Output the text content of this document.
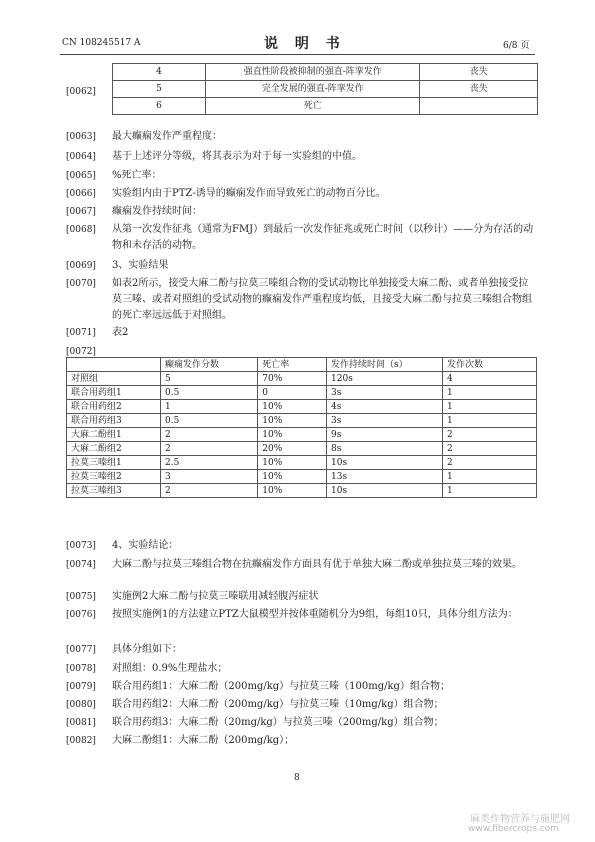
CN 108245517 A	说 明 书	6/8 页
[0062]
4	强直性阶段被抑制的强直-阵挛发作	丧失
5	完全发展的强直-阵挛发作	丧失
6	死亡	
[0063] 最大癫痫发作严重程度：
[0064] 基于上述评分等级，将其表示为对于每一实验组的中值。
[0065] %死亡率：
[0066] 实验组内由于PTZ-诱导的癫痫发作而导致死亡的动物百分比。
[0067] 癫痫发作持续时间：
[0068] 从第一次发作征兆（通常为FMJ）到最后一次发作征兆或死亡时间（以秒计）——分为存活的动物和未存活的动物。
[0069] 3、实验结果
[0070] 如表2所示，接受大麻二酚与拉莫三嗪组合物的受试动物比单独接受大麻二酚、或者单独接受拉莫三嗪、或者对照组的受试动物的癫痫发作严重程度均低，且接受大麻二酚与拉莫三嗪组合物组的死亡率远远低于对照组。
[0071] 表2
[0072]
	癫痫发作分数	死亡率	发作持续时间（s）	发作次数
对照组	5	70%	120s	4
联合用药组1	0.5	0	3s	1
联合用药组2	1	10%	4s	1
联合用药组3	0.5	10%	3s	1
大麻二酚组1	2	10%	9s	2
大麻二酚组2	2	20%	8s	2
拉莫三嗪组1	2.5	10%	10s	2
拉莫三嗪组2	3	10%	13s	1
拉莫三嗪组3	2	10%	10s	1
[0073] 4、实验结论：
[0074] 大麻二酚与拉莫三嗪组合物在抗癫痫发作方面具有优于单独大麻二酚或单独拉莫三嗪的效果。
[0075] 实施例2大麻二酚与拉莫三嗪联用减轻腹泻症状
[0076] 按照实施例1的方法建立PTZ大鼠模型并按体重随机分为9组，每组10只，具体分组方法为：
[0077] 具体分组如下：
[0078] 对照组：0.9%生理盐水；
[0079] 联合用药组1：大麻二酚（200mg/kg）与拉莫三嗪（100mg/kg）组合物；
[0080] 联合用药组2：大麻二酚（200mg/kg）与拉莫三嗪（10mg/kg）组合物；
[0081] 联合用药组3：大麻二酚（20mg/kg）与拉莫三嗪（200mg/kg）组合物；
[0082] 大麻二酚组1：大麻二酚（200mg/kg）；
8
麻类作物营养与施肥网
www.fibercrops.com
